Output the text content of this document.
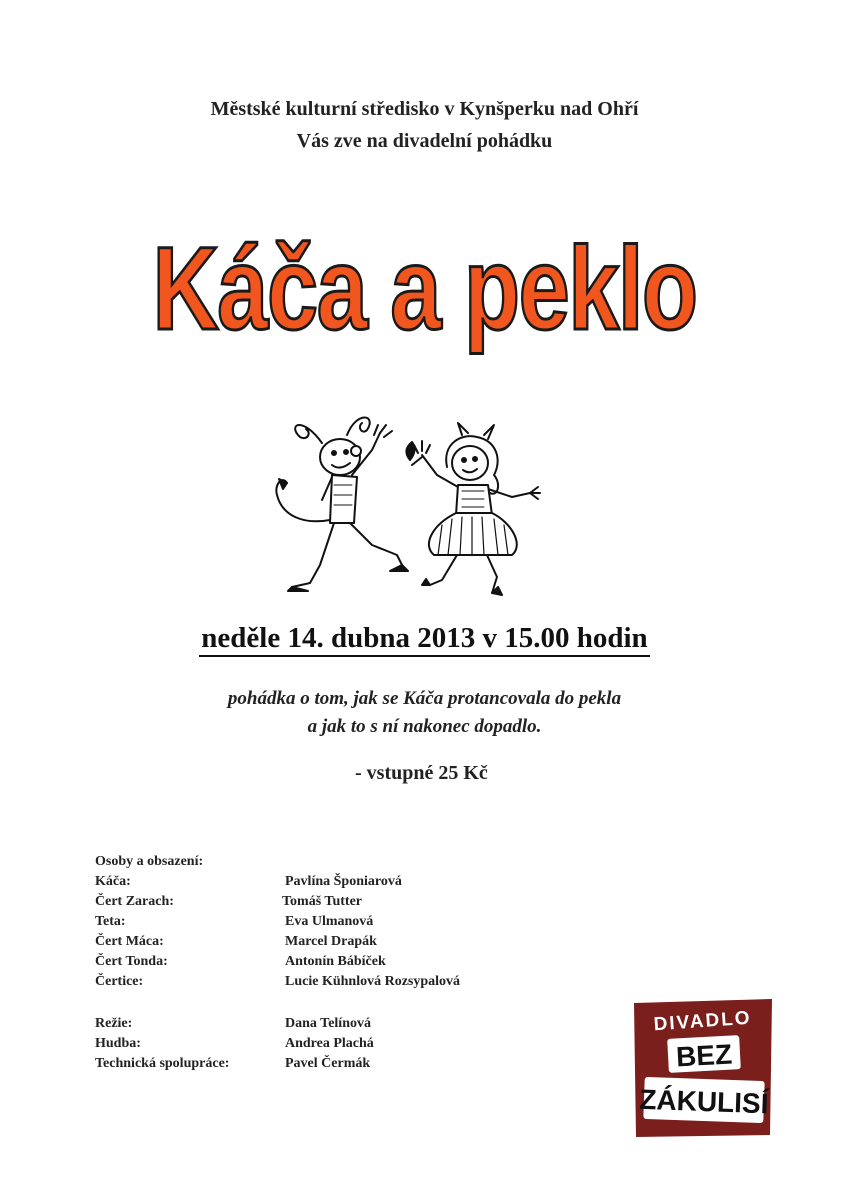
Městské kulturní středisko v Kynšperku nad Ohří
Vás zve na divadelní pohádku
Káča a peklo
neděle 14. dubna 2013 v 15.00 hodin
pohádka o tom, jak se Káča protancovala do pekla
a jak to s ní nakonec dopadlo.
- vstupné 25 Kč
Osoby a obsazení:
Káča:	Pavlína Šponiarová
Čert Zarach:	Tomáš Tutter
Teta:	Eva Ulmanová
Čert Máca:	Marcel Drapák
Čert Tonda:	Antonín Bábíček
Čertice:	Lucie Kühnlová Rozsypalová
Režie:	Dana Telínová
Hudba:	Andrea Plachá
Technická spolupráce:	Pavel Čermák
DIVADLO
BEZ
ZÁKULISÍ
